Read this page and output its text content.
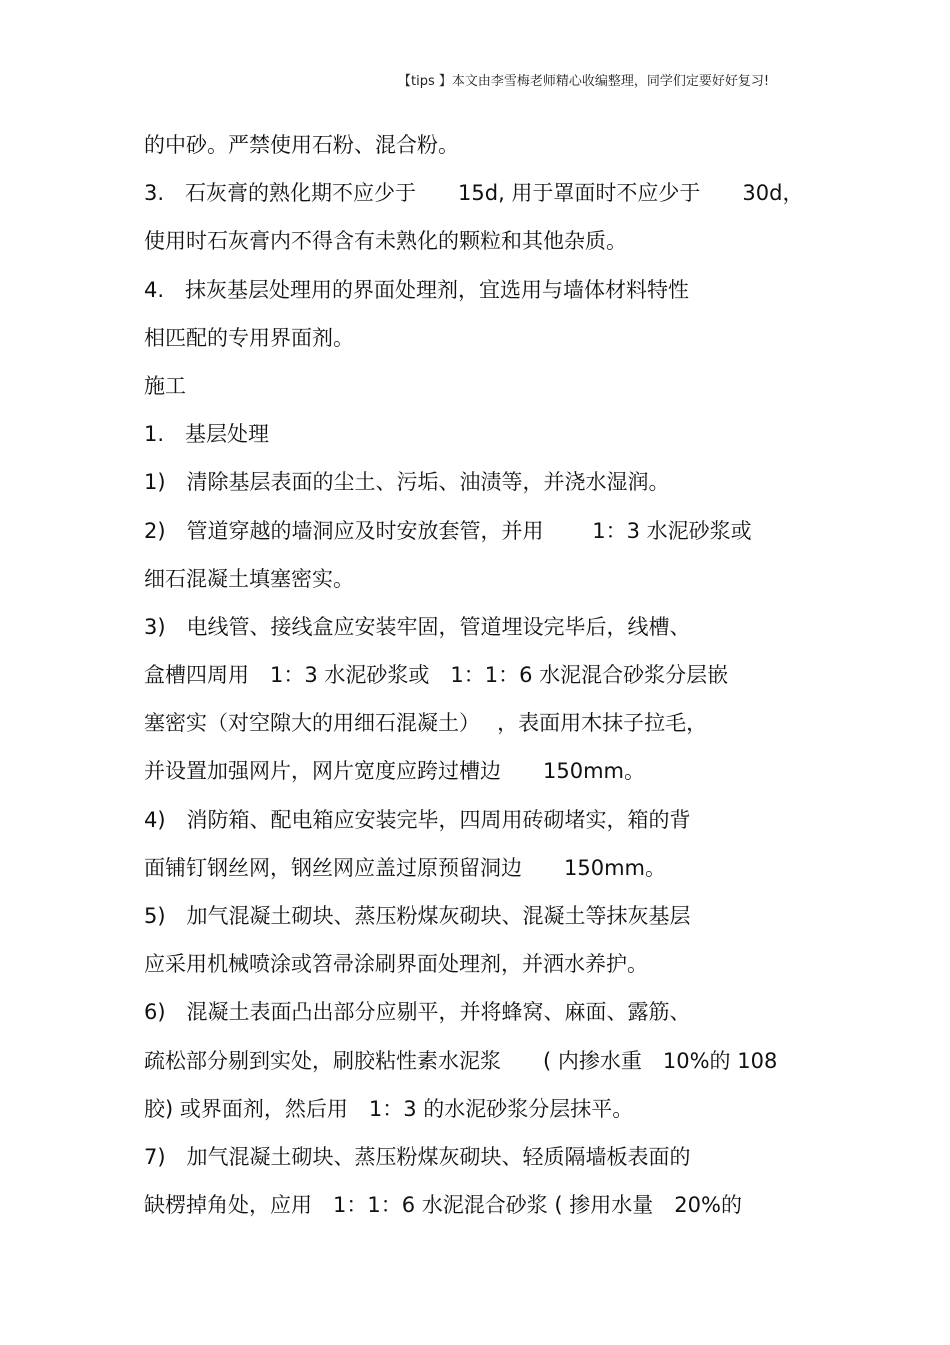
【tips 】本文由李雪梅老师精心收编整理，同学们定要好好复习!
的中砂。严禁使用石粉、混合粉。
3.　石灰膏的熟化期不应少于　　15d, 用于罩面时不应少于　　30d，
使用时石灰膏内不得含有未熟化的颗粒和其他杂质。
4.　抹灰基层处理用的界面处理剂，宜选用与墙体材料特性
相匹配的专用界面剂。
施工
1.　基层处理
1)　清除基层表面的尘土、污垢、油渍等，并浇水湿润。
2)　管道穿越的墙洞应及时安放套管，并用　　 1：3 水泥砂浆或
细石混凝土填塞密实。
3)　电线管、接线盒应安装牢固，管道埋设完毕后，线槽、
盒槽四周用　1：3 水泥砂浆或　1：1：6 水泥混合砂浆分层嵌
塞密实（对空隙大的用细石混凝土）　 ，表面用木抹子拉毛，
并设置加强网片，网片宽度应跨过槽边　　150mm。
4)　消防箱、配电箱应安装完毕，四周用砖砌堵实，箱的背
面铺钉钢丝网，钢丝网应盖过原预留洞边　　150mm。
5)　加气混凝土砌块、蒸压粉煤灰砌块、混凝土等抹灰基层
应采用机械喷涂或笤帚涂刷界面处理剂，并洒水养护。
6)　混凝土表面凸出部分应剔平，并将蜂窝、麻面、露筋、
疏松部分剔到实处，刷胶粘性素水泥浆　　( 内掺水重　10%的 108
胶) 或界面剂，然后用　1：3 的水泥砂浆分层抹平。
7)　加气混凝土砌块、蒸压粉煤灰砌块、轻质隔墙板表面的
缺楞掉角处，应用　1：1：6 水泥混合砂浆 ( 掺用水量　20%的
